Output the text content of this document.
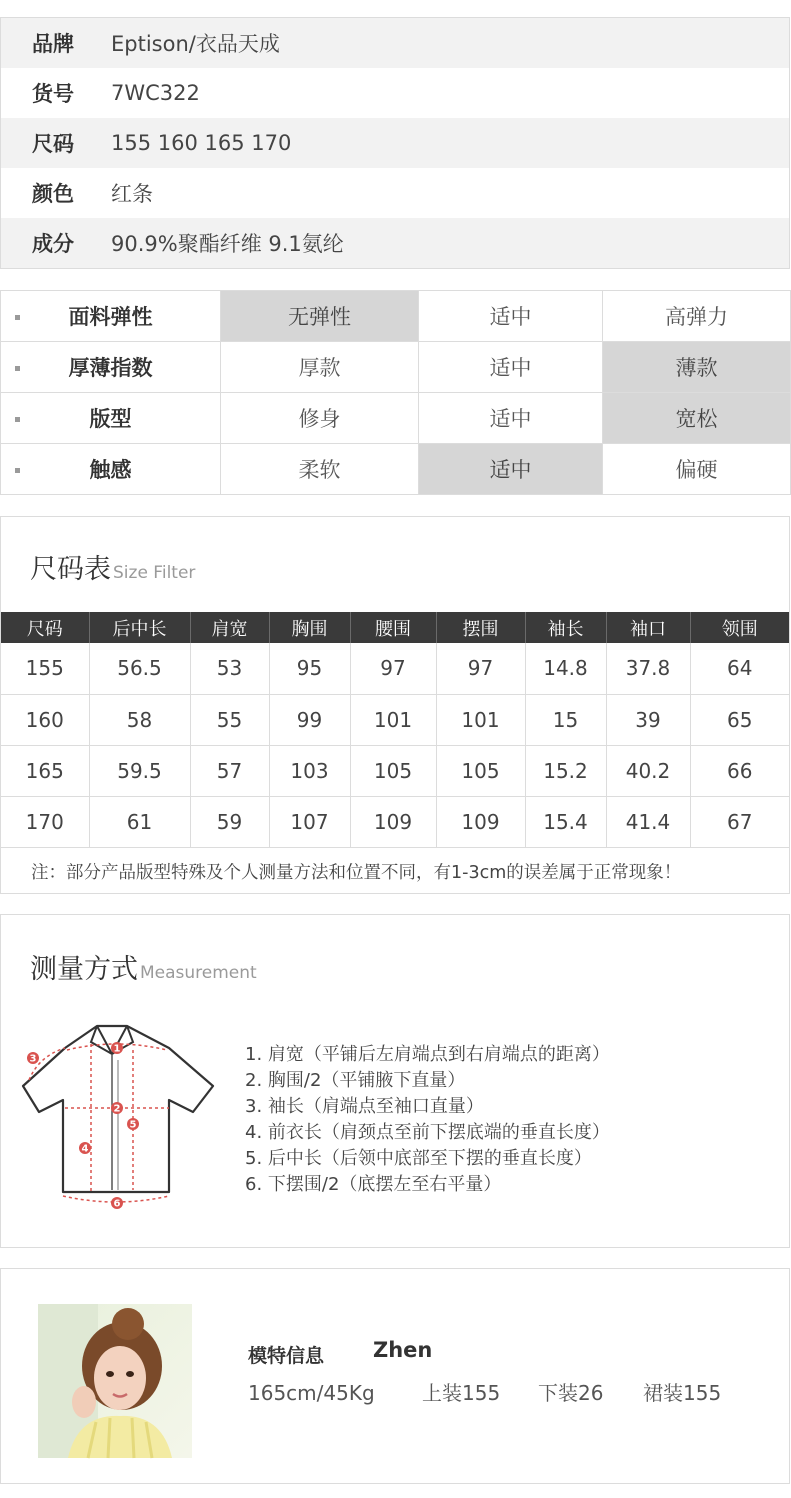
品牌	Eptison/衣品天成
货号	7WC322
尺码	155 160 165 170
颜色	红条
成分	90.9%聚酯纤维 9.1氨纶
面料弹性	无弹性	适中	高弹力

厚薄指数	厚款	适中	薄款

版型	修身	适中	宽松

触感	柔软	适中	偏硬
尺码表 Size Filter
尺码	后中长	肩宽	胸围	腰围	摆围	袖长	袖口	领围
155	56.5	53	95	97	97	14.8	37.8	64
160	58	55	99	101	101	15	39	65
165	59.5	57	103	105	105	15.2	40.2	66
170	61	59	107	109	109	15.4	41.4	67
注：部分产品版型特殊及个人测量方法和位置不同，有1-3cm的误差属于正常现象！
测量方式 Measurement
1
2
3
4
5
6
1. 肩宽（平铺后左肩端点到右肩端点的距离）
2. 胸围/2（平铺腋下直量）
3. 袖长（肩端点至袖口直量）
4. 前衣长（肩颈点至前下摆底端的垂直长度）
5. 后中长（后领中底部至下摆的垂直长度）
6. 下摆围/2（底摆左至右平量）
模特信息 Zhen
165cm/45Kg 上装155 下装26 裙装155
